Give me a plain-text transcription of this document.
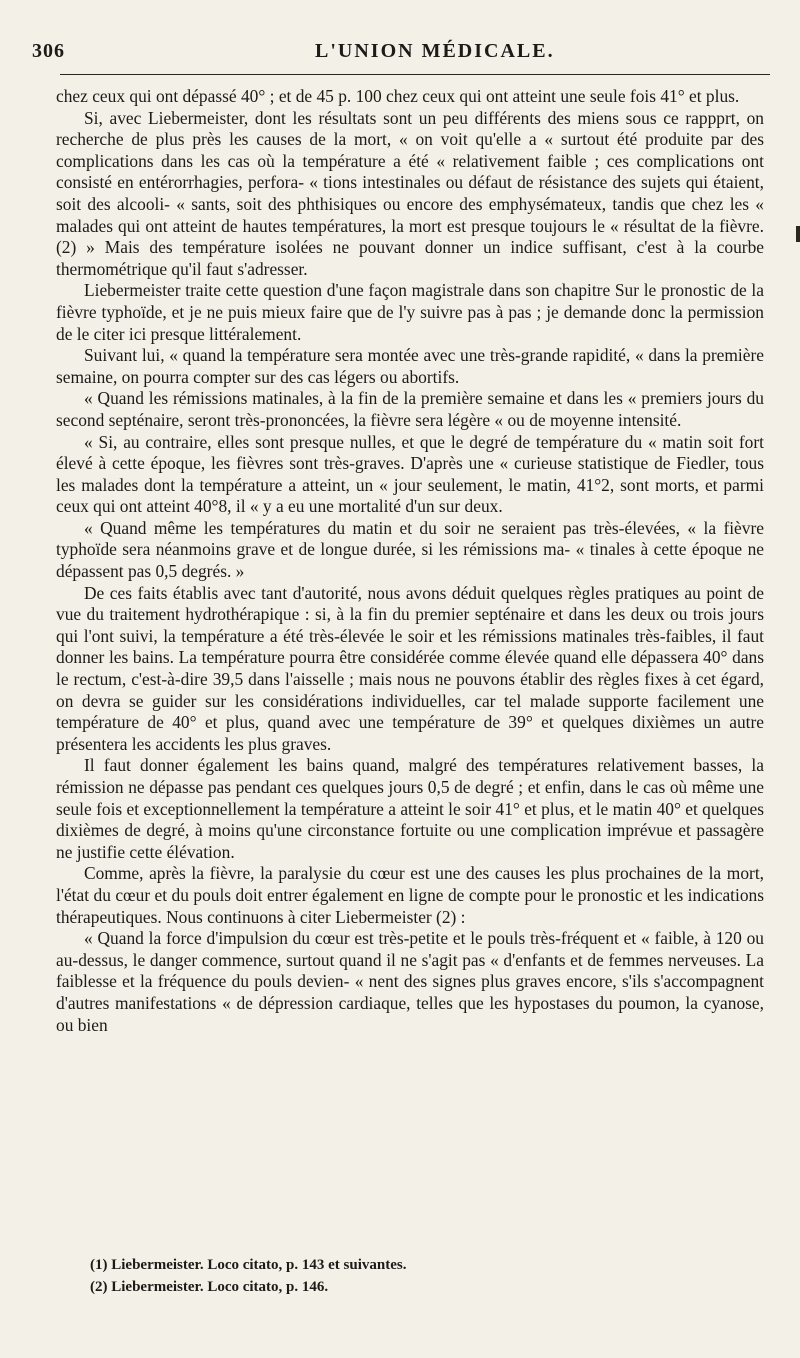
306	L'UNION MÉDICALE.

chez ceux qui ont dépassé 40° ; et de 45 p. 100 chez ceux qui ont atteint une seule fois 41° et plus.

Si, avec Liebermeister, dont les résultats sont un peu différents des miens sous ce rappprt, on recherche de plus près les causes de la mort, « on voit qu'elle a « surtout été produite par des complications dans les cas où la température a été « relativement faible ; ces complications ont consisté en entérorrhagies, perfora- « tions intestinales ou défaut de résistance des sujets qui étaient, soit des alcooli- « sants, soit des phthisiques ou encore des emphysémateux, tandis que chez les « malades qui ont atteint de hautes températures, la mort est presque toujours le « résultat de la fièvre. (2) » Mais des température isolées ne pouvant donner un indice suffisant, c'est à la courbe thermométrique qu'il faut s'adresser.

Liebermeister traite cette question d'une façon magistrale dans son chapitre Sur le pronostic de la fièvre typhoïde, et je ne puis mieux faire que de l'y suivre pas à pas ; je demande donc la permission de le citer ici presque littéralement.

Suivant lui, « quand la température sera montée avec une très-grande rapidité, « dans la première semaine, on pourra compter sur des cas légers ou abortifs.

« Quand les rémissions matinales, à la fin de la première semaine et dans les « premiers jours du second septénaire, seront très-prononcées, la fièvre sera légère « ou de moyenne intensité.

« Si, au contraire, elles sont presque nulles, et que le degré de température du « matin soit fort élevé à cette époque, les fièvres sont très-graves. D'après une « curieuse statistique de Fiedler, tous les malades dont la température a atteint, un « jour seulement, le matin, 41°2, sont morts, et parmi ceux qui ont atteint 40°8, il « y a eu une mortalité d'un sur deux.

« Quand même les températures du matin et du soir ne seraient pas très-élevées, « la fièvre typhoïde sera néanmoins grave et de longue durée, si les rémissions ma- « tinales à cette époque ne dépassent pas 0,5 degrés. »

De ces faits établis avec tant d'autorité, nous avons déduit quelques règles pratiques au point de vue du traitement hydrothérapique : si, à la fin du premier septénaire et dans les deux ou trois jours qui l'ont suivi, la température a été très-élevée le soir et les rémissions matinales très-faibles, il faut donner les bains. La température pourra être considérée comme élevée quand elle dépassera 40° dans le rectum, c'est-à-dire 39,5 dans l'aisselle ; mais nous ne pouvons établir des règles fixes à cet égard, on devra se guider sur les considérations individuelles, car tel malade supporte facilement une température de 40° et plus, quand avec une température de 39° et quelques dixièmes un autre présentera les accidents les plus graves.

Il faut donner également les bains quand, malgré des températures relativement basses, la rémission ne dépasse pas pendant ces quelques jours 0,5 de degré ; et enfin, dans le cas où même une seule fois et exceptionnellement la température a atteint le soir 41° et plus, et le matin 40° et quelques dixièmes de degré, à moins qu'une circonstance fortuite ou une complication imprévue et passagère ne justifie cette élévation.

Comme, après la fièvre, la paralysie du cœur est une des causes les plus prochaines de la mort, l'état du cœur et du pouls doit entrer également en ligne de compte pour le pronostic et les indications thérapeutiques. Nous continuons à citer Liebermeister (2) :

« Quand la force d'impulsion du cœur est très-petite et le pouls très-fréquent et « faible, à 120 ou au-dessus, le danger commence, surtout quand il ne s'agit pas « d'enfants et de femmes nerveuses. La faiblesse et la fréquence du pouls devien- « nent des signes plus graves encore, s'ils s'accompagnent d'autres manifestations « de dépression cardiaque, telles que les hypostases du poumon, la cyanose, ou bien

(1) Liebermeister. Loco citato, p. 143 et suivantes.
(2) Liebermeister. Loco citato, p. 146.
